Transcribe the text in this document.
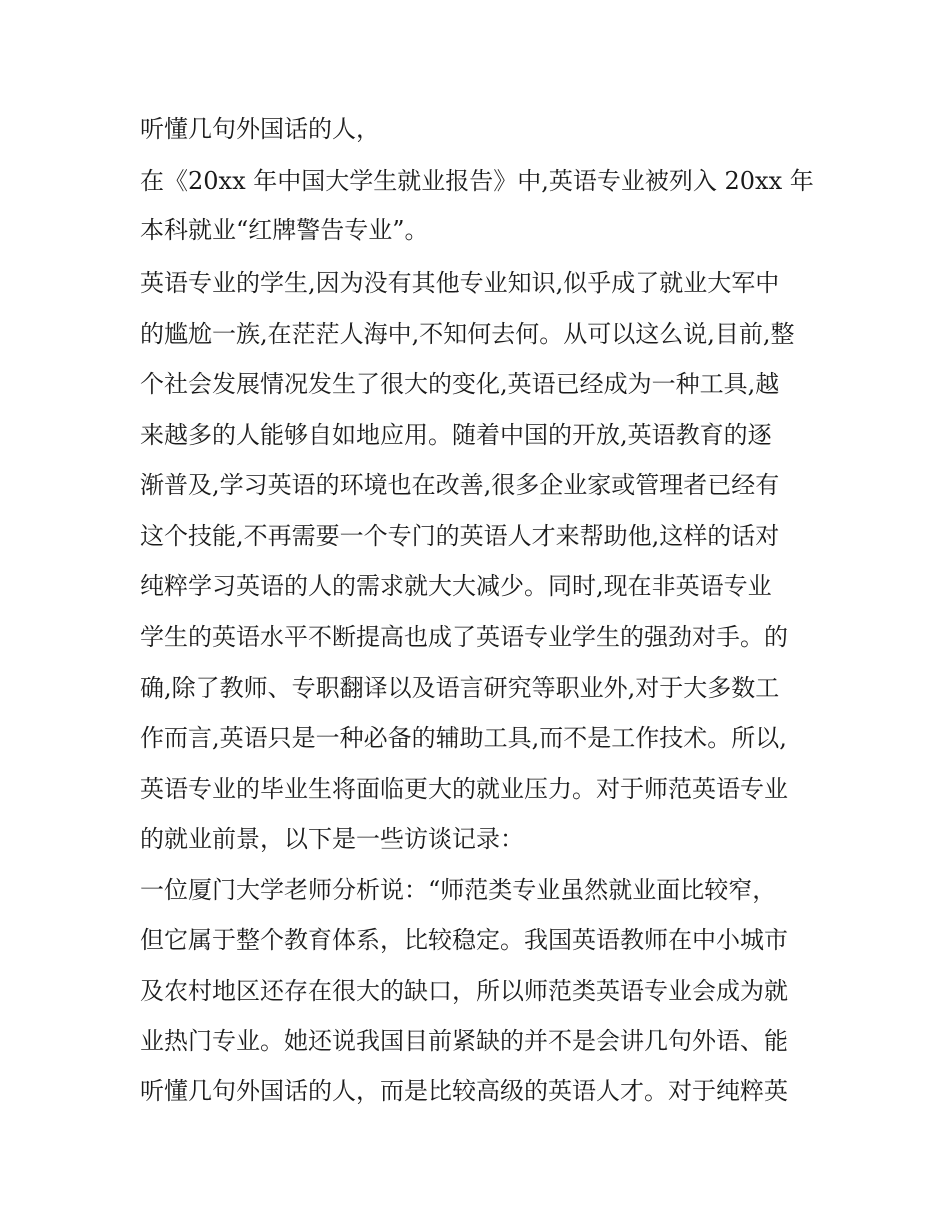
听懂几句外国话的人，
在《20xx 年中国大学生就业报告》中,英语专业被列入 20xx 年
本科就业“红牌警告专业”。
英语专业的学生,因为没有其他专业知识,似乎成了就业大军中
的尴尬一族,在茫茫人海中,不知何去何。从可以这么说,目前,整
个社会发展情况发生了很大的变化,英语已经成为一种工具,越
来越多的人能够自如地应用。随着中国的开放,英语教育的逐
渐普及,学习英语的环境也在改善,很多企业家或管理者已经有
这个技能,不再需要一个专门的英语人才来帮助他,这样的话对
纯粹学习英语的人的需求就大大减少。同时,现在非英语专业
学生的英语水平不断提高也成了英语专业学生的强劲对手。的
确,除了教师、专职翻译以及语言研究等职业外,对于大多数工
作而言,英语只是一种必备的辅助工具,而不是工作技术。所以,
英语专业的毕业生将面临更大的就业压力。对于师范英语专业
的就业前景，以下是一些访谈记录：
一位厦门大学老师分析说：“师范类专业虽然就业面比较窄，
但它属于整个教育体系，比较稳定。我国英语教师在中小城市
及农村地区还存在很大的缺口，所以师范类英语专业会成为就
业热门专业。她还说我国目前紧缺的并不是会讲几句外语、能
听懂几句外国话的人，而是比较高级的英语人才。对于纯粹英
